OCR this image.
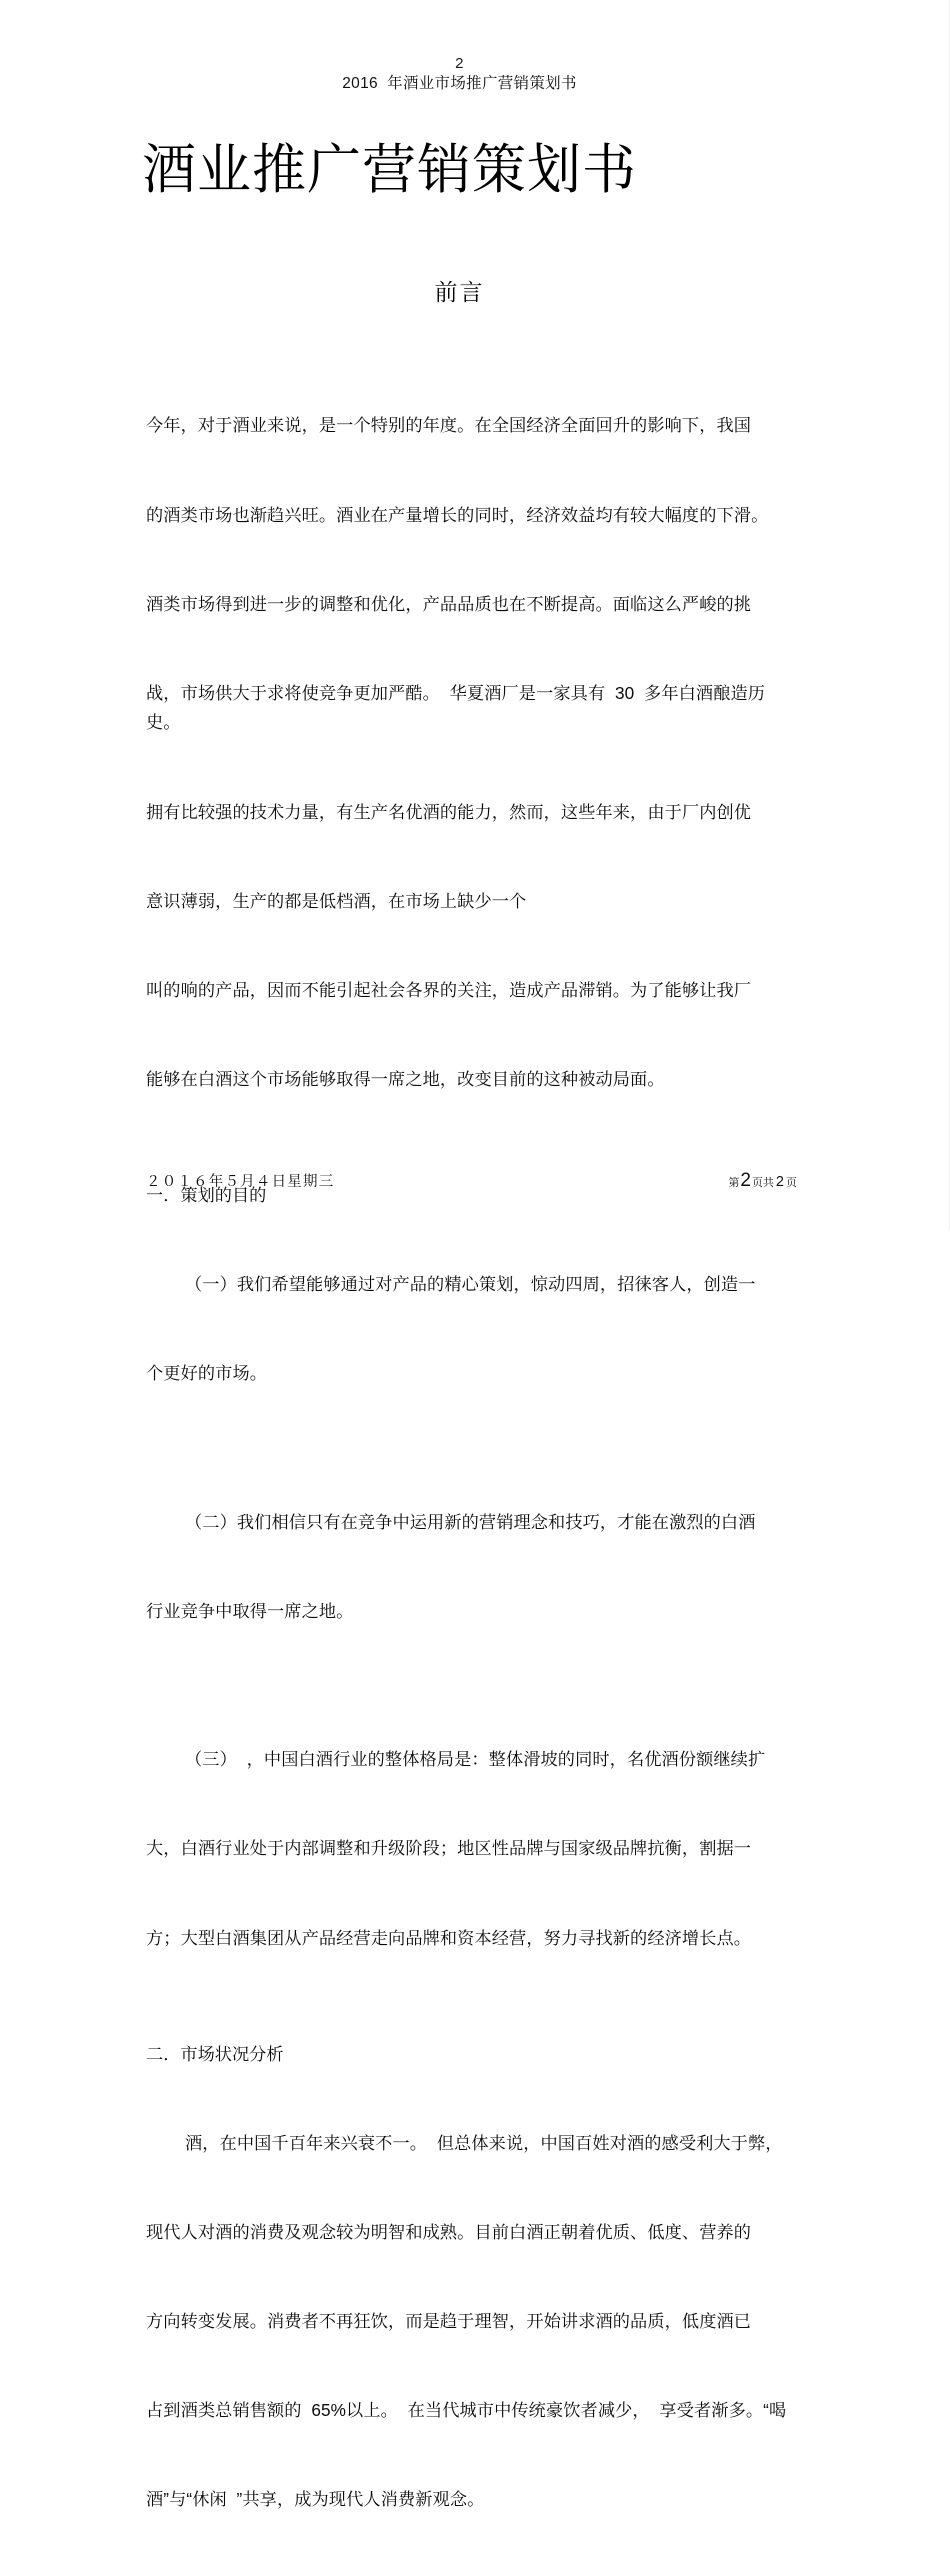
2
2016  年酒业市场推广营销策划书
酒业推广营销策划书
前言

今年，对于酒业来说，是一个特别的年度。在全国经济全面回升的影响下，我国

的酒类市场也渐趋兴旺。酒业在产量增长的同时，经济效益均有较大幅度的下滑。

酒类市场得到进一步的调整和优化，产品品质也在不断提高。面临这么严峻的挑

战，市场供大于求将使竞争更加严酷。  华夏酒厂是一家具有  30  多年白酒酿造历史。

拥有比较强的技术力量，有生产名优酒的能力，然而，这些年来，由于厂内创优

意识薄弱，生产的都是低档酒，在市场上缺少一个

叫的响的产品，因而不能引起社会各界的关注，造成产品滞销。为了能够让我厂

能够在白酒这个市场能够取得一席之地，改变目前的这种被动局面。

一．策划的目的

（一）我们希望能够通过对产品的精心策划，惊动四周，招徕客人，创造一

个更好的市场。

（二）我们相信只有在竞争中运用新的营销理念和技巧，才能在激烈的白酒

行业竞争中取得一席之地。

（三）  ，中国白酒行业的整体格局是：整体滑坡的同时，名优酒份额继续扩

大，白酒行业处于内部调整和升级阶段；地区性品牌与国家级品牌抗衡，割据一

方；大型白酒集团从产品经营走向品牌和资本经营，努力寻找新的经济增长点。

二．市场状况分析

酒，在中国千百年来兴衰不一。  但总体来说，中国百姓对酒的感受利大于弊，

现代人对酒的消费及观念较为明智和成熟。目前白酒正朝着优质、低度、营养的

方向转变发展。消费者不再狂饮，而是趋于理智，开始讲求酒的品质，低度酒已

占到酒类总销售额的  65%以上。  在当代城市中传统豪饮者减少，  享受者渐多。“喝

酒”与“休闲  ”共享，成为现代人消费新观念。

２０１６年５月４日星期三	第 2 页共 2 页
